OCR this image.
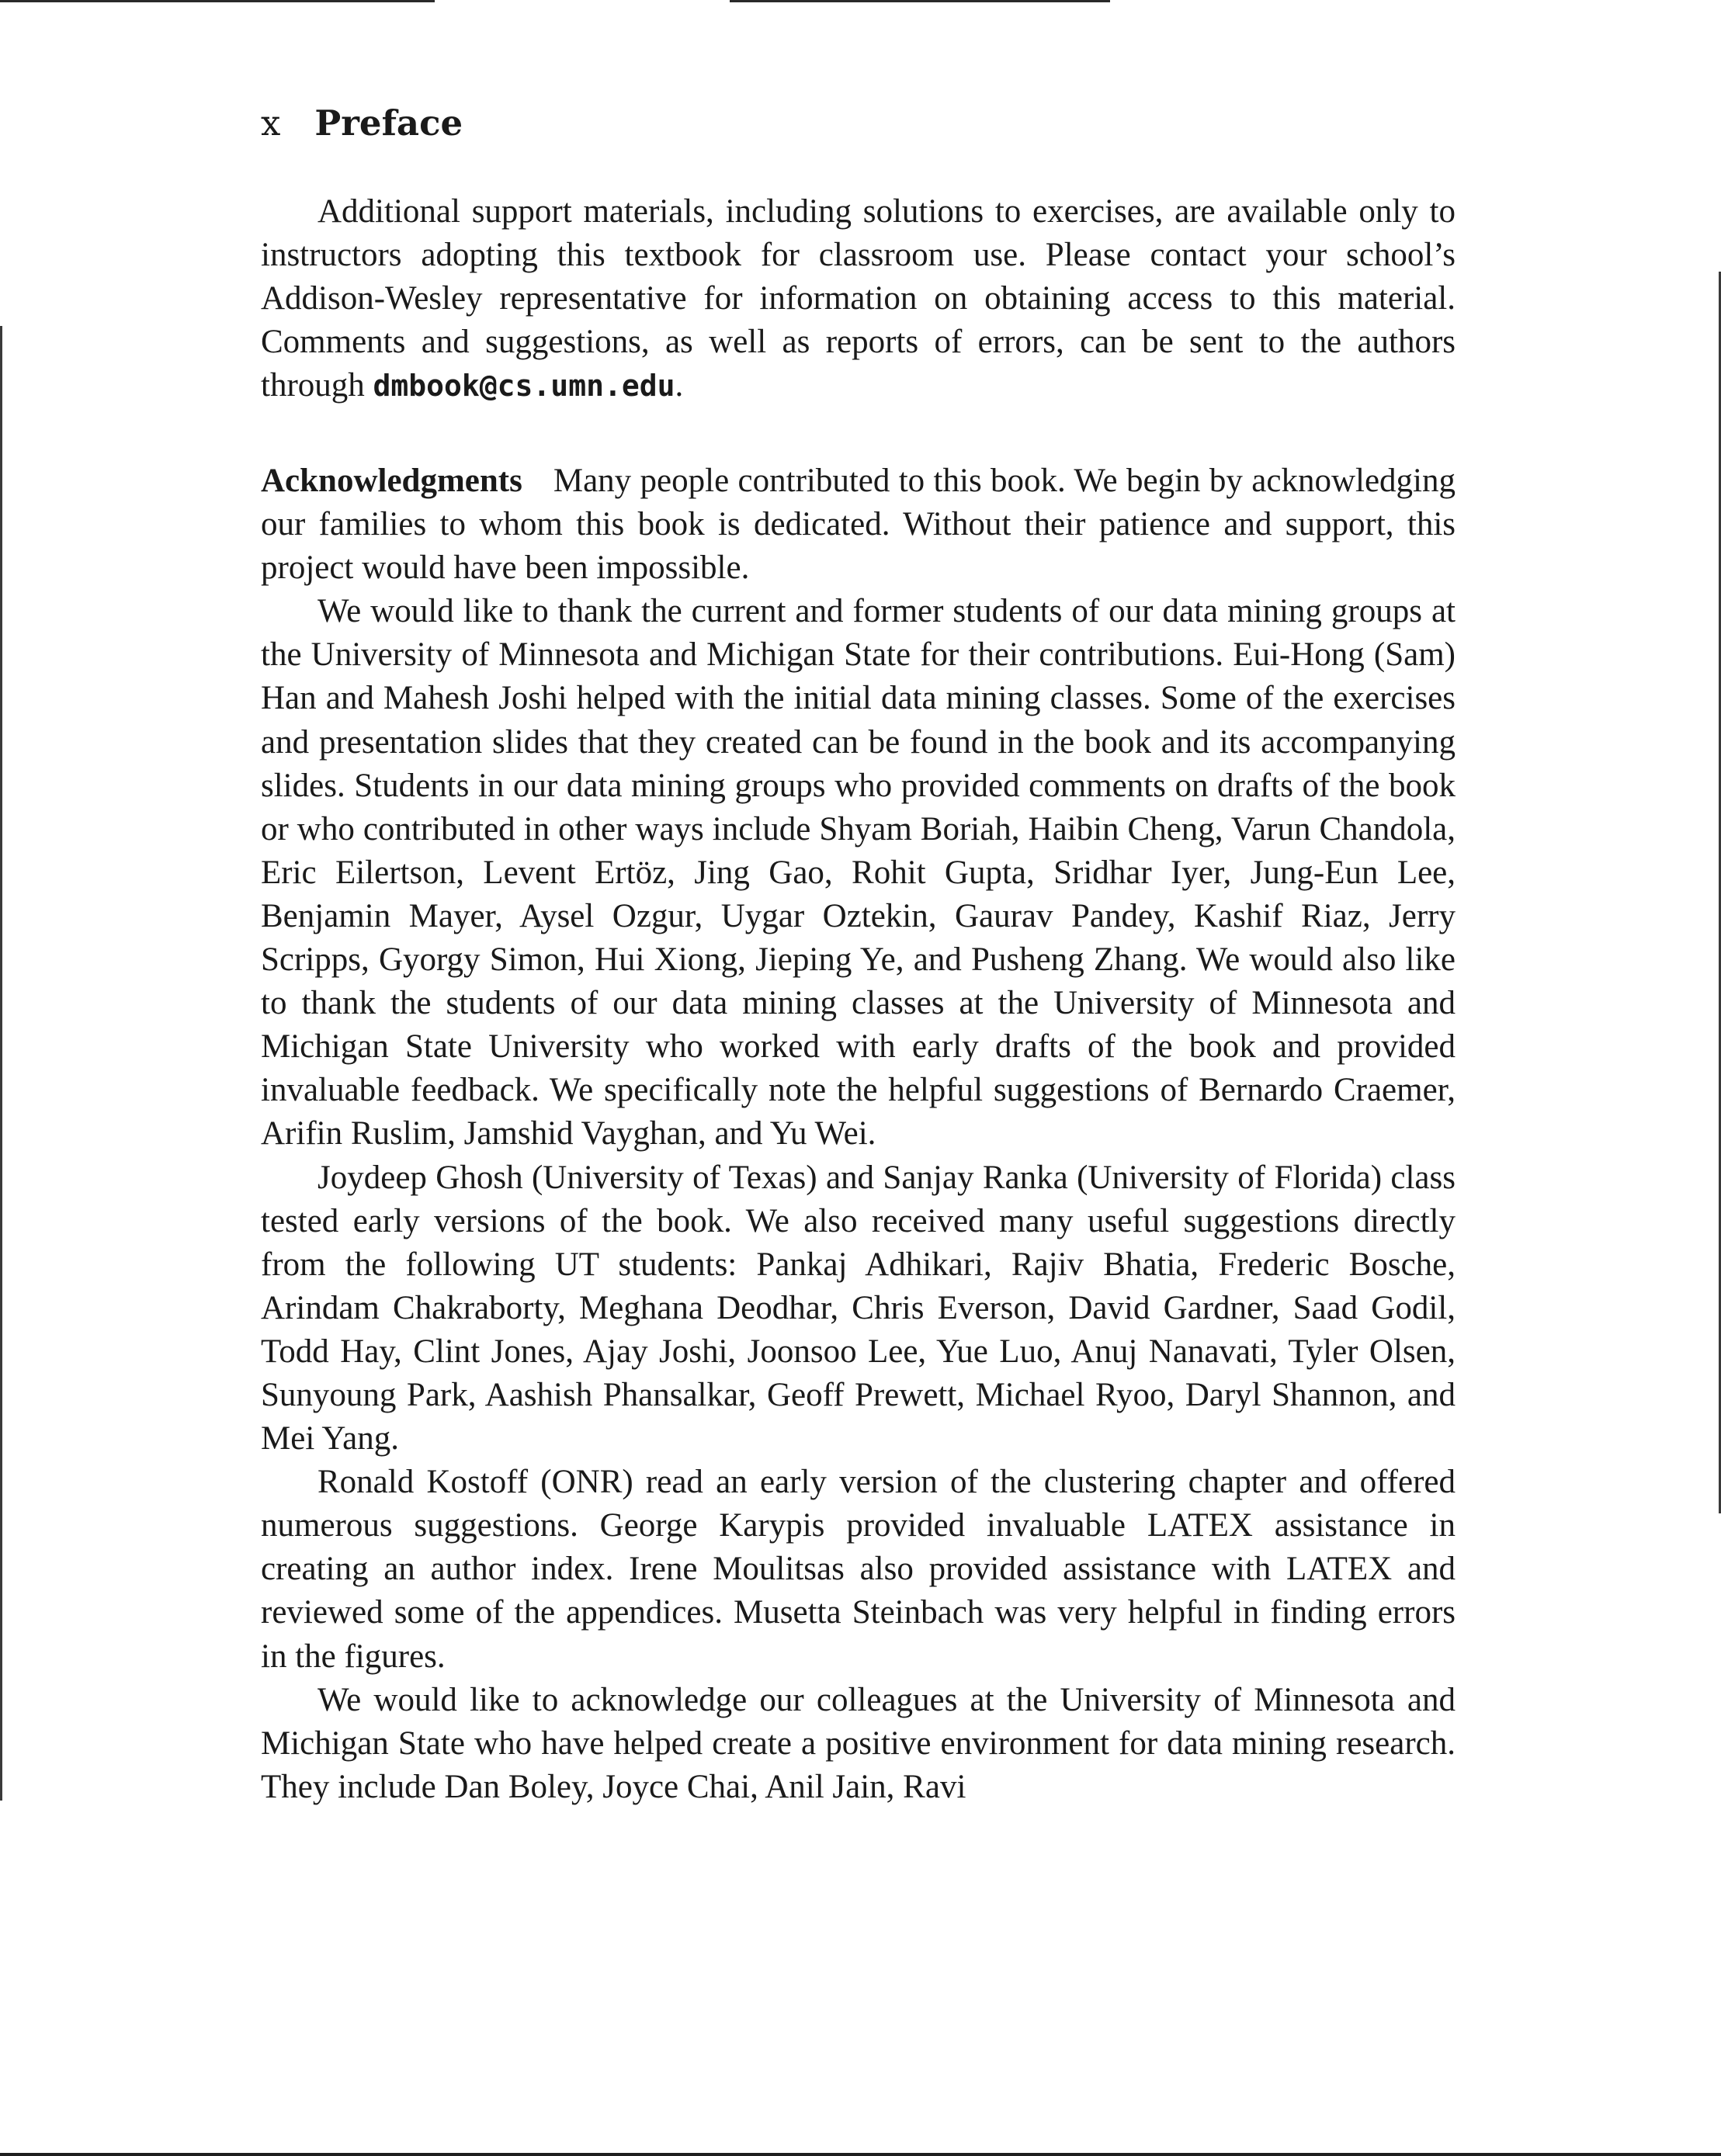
x Preface

Additional support materials, including solutions to exercises, are available only to instructors adopting this textbook for classroom use. Please contact your school’s Addison-Wesley representative for information on obtaining access to this material. Comments and suggestions, as well as reports of errors, can be sent to the authors through dmbook@cs.umn.edu.

Acknowledgments Many people contributed to this book. We begin by acknowledging our families to whom this book is dedicated. Without their patience and support, this project would have been impossible.

We would like to thank the current and former students of our data mining groups at the University of Minnesota and Michigan State for their contributions. Eui-Hong (Sam) Han and Mahesh Joshi helped with the initial data mining classes. Some of the exercises and presentation slides that they created can be found in the book and its accompanying slides. Students in our data mining groups who provided comments on drafts of the book or who contributed in other ways include Shyam Boriah, Haibin Cheng, Varun Chandola, Eric Eilertson, Levent Ertöz, Jing Gao, Rohit Gupta, Sridhar Iyer, Jung-Eun Lee, Benjamin Mayer, Aysel Ozgur, Uygar Oztekin, Gaurav Pandey, Kashif Riaz, Jerry Scripps, Gyorgy Simon, Hui Xiong, Jieping Ye, and Pusheng Zhang. We would also like to thank the students of our data mining classes at the University of Minnesota and Michigan State University who worked with early drafts of the book and provided invaluable feedback. We specifically note the helpful suggestions of Bernardo Craemer, Arifin Ruslim, Jamshid Vayghan, and Yu Wei.

Joydeep Ghosh (University of Texas) and Sanjay Ranka (University of Florida) class tested early versions of the book. We also received many useful suggestions directly from the following UT students: Pankaj Adhikari, Rajiv Bhatia, Frederic Bosche, Arindam Chakraborty, Meghana Deodhar, Chris Everson, David Gardner, Saad Godil, Todd Hay, Clint Jones, Ajay Joshi, Joonsoo Lee, Yue Luo, Anuj Nanavati, Tyler Olsen, Sunyoung Park, Aashish Phansalkar, Geoff Prewett, Michael Ryoo, Daryl Shannon, and Mei Yang.

Ronald Kostoff (ONR) read an early version of the clustering chapter and offered numerous suggestions. George Karypis provided invaluable LATEX assistance in creating an author index. Irene Moulitsas also provided assistance with LATEX and reviewed some of the appendices. Musetta Steinbach was very helpful in finding errors in the figures.

We would like to acknowledge our colleagues at the University of Minnesota and Michigan State who have helped create a positive environment for data mining research. They include Dan Boley, Joyce Chai, Anil Jain, Ravi
